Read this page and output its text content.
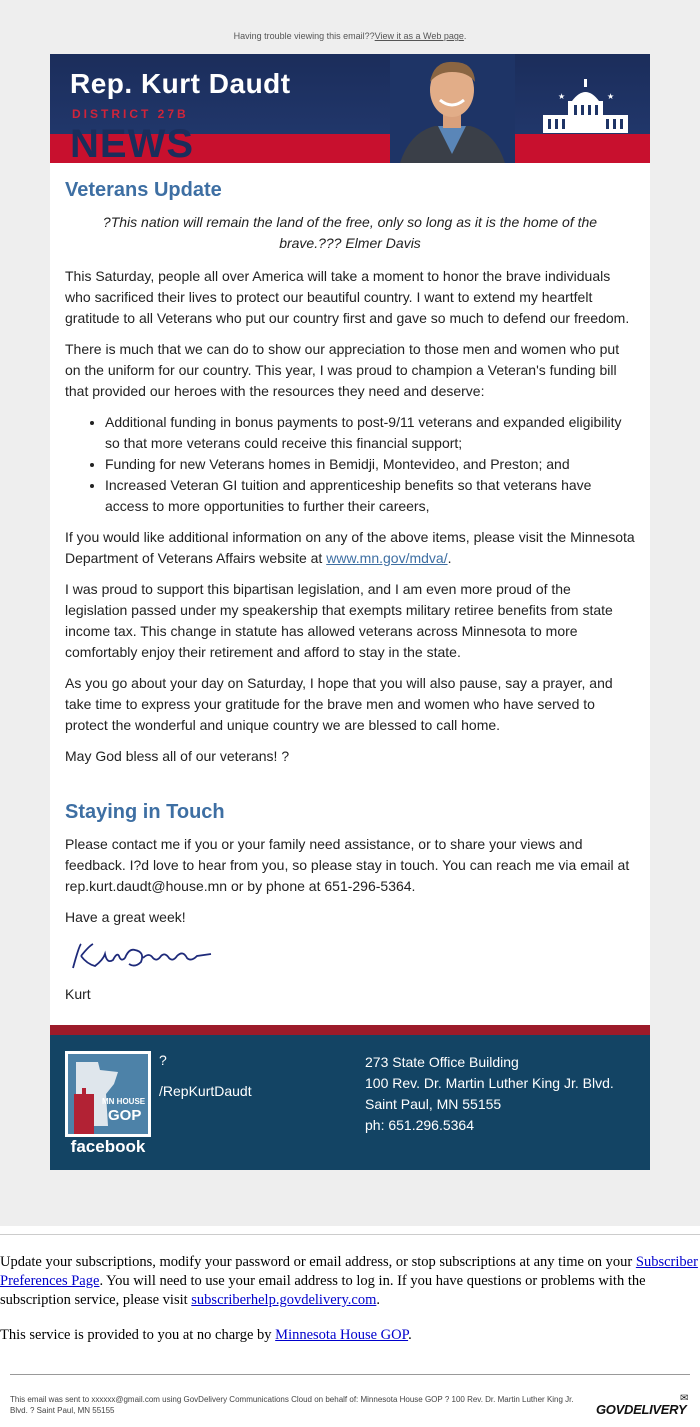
Having trouble viewing this email??View it as a Web page.
NEWS
Rep. Kurt Daudt
DISTRICT 27B
★	★
Veterans Update
?This nation will remain the land of the free, only so long as it is the home of the brave.??? Elmer Davis

This Saturday, people all over America will take a moment to honor the brave individuals who sacrificed their lives to protect our beautiful country. I want to extend my heartfelt gratitude to all Veterans who put our country first and gave so much to defend our freedom.

There is much that we can do to show our appreciation to those men and women who put on the uniform for our country. This year, I was proud to champion a Veteran's funding bill that provided our heroes with the resources they need and deserve:

• Additional funding in bonus payments to post-9/11 veterans and expanded eligibility so that more veterans could receive this financial support;
• Funding for new Veterans homes in Bemidji, Montevideo, and Preston; and
• Increased Veteran GI tuition and apprenticeship benefits so that veterans have access to more opportunities to further their careers,

If you would like additional information on any of the above items, please visit the Minnesota Department of Veterans Affairs website at www.mn.gov/mdva/.

I was proud to support this bipartisan legislation, and I am even more proud of the legislation passed under my speakership that exempts military retiree benefits from state income tax. This change in statute has allowed veterans across Minnesota to more comfortably enjoy their retirement and afford to stay in the state.

As you go about your day on Saturday, I hope that you will also pause, say a prayer, and take time to express your gratitude for the brave men and women who have served to protect the wonderful and unique country we are blessed to call home.

May God bless all of our veterans! ?

Staying in Touch

Please contact me if you or your family need assistance, or to share your views and feedback. I?d love to hear from you, so please stay in touch. You can reach me via email at rep.kurt.daudt@house.mn or by phone at 651-296-5364.

Have a great week!

Kurt

MN HOUSE
GOP
facebook
?
/RepKurtDaudt
273 State Office Building
100 Rev. Dr. Martin Luther King Jr. Blvd.
Saint Paul, MN 55155
ph: 651.296.5364

Update your subscriptions, modify your password or email address, or stop subscriptions at any time on your Subscriber Preferences Page. You will need to use your email address to log in. If you have questions or problems with the subscription service, please visit subscriberhelp.govdelivery.com.

This service is provided to you at no charge by Minnesota House GOP.

This email was sent to xxxxxx@gmail.com using GovDelivery Communications Cloud on behalf of: Minnesota House GOP ? 100 Rev. Dr. Martin Luther King Jr. Blvd. ? Saint Paul, MN 55155
✉
GOVDELIVERY
